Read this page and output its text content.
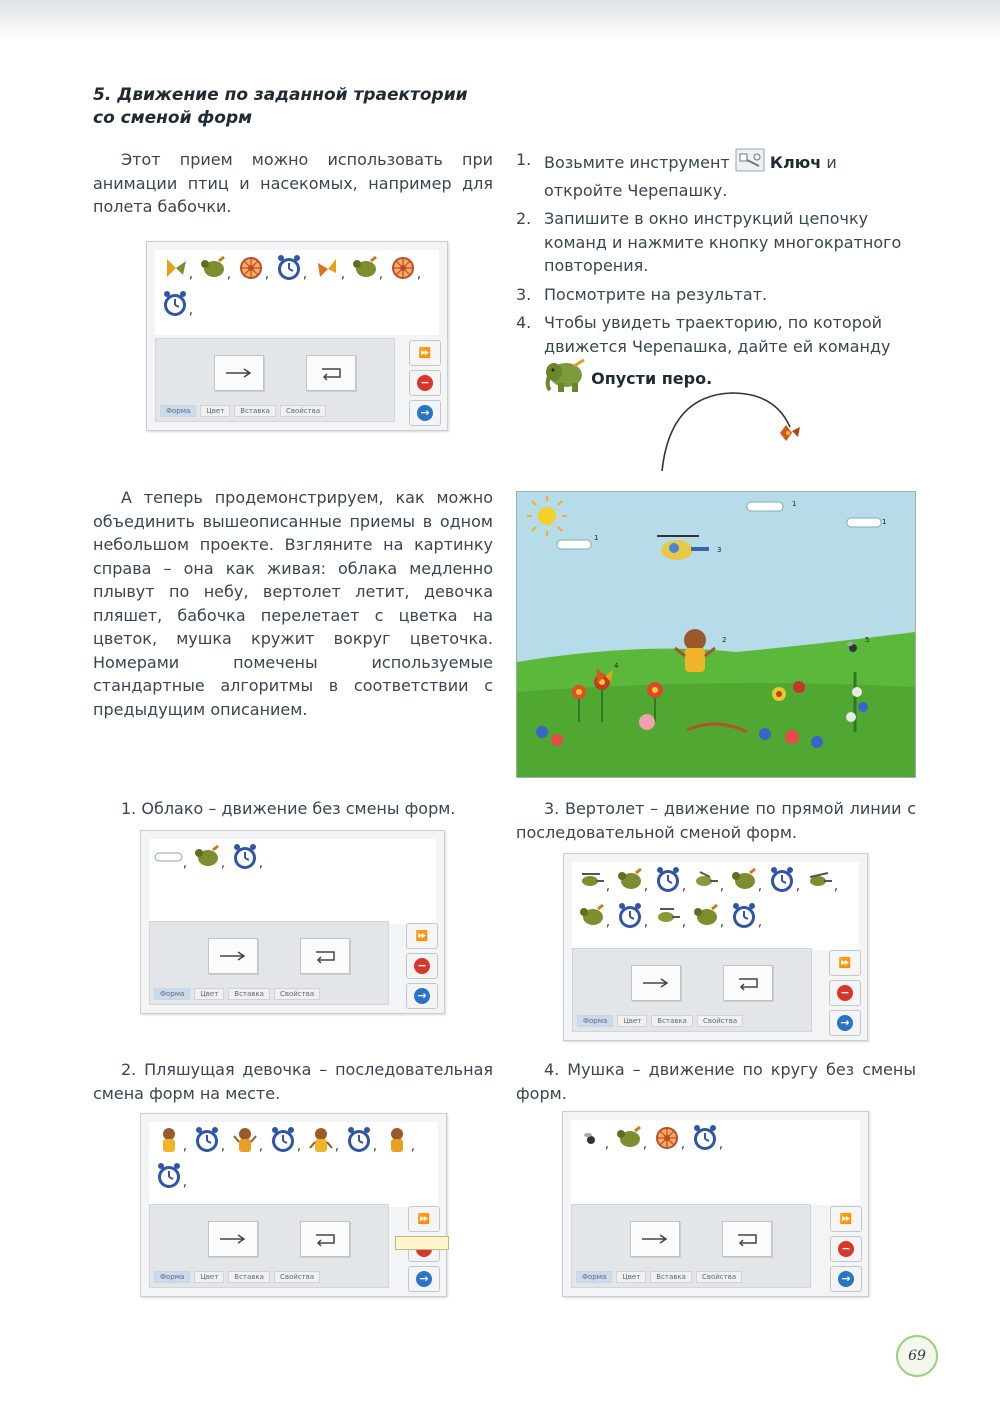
5. Движение по заданной траектории со сменой форм
Этот прием можно использовать при анимации птиц и насекомых, например для полета бабочки.
1. Возьмите инструмент	Ключ и откройте Черепашку.
2. Запишите в окно инструкций цепочку команд и нажмите кнопку многократного повторения.
3. Посмотрите на результат.
4. Чтобы увидеть траекторию, по которой движется Черепашка, дайте ей команду
Опусти перо.
,
,
,
,
,
,
,
,
Форма	Цвет	Вставка	Свойства
⏩
−
→
А теперь продемонстрируем, как можно объединить вышеописанные приемы в одном небольшом проекте. Взгляните на картинку справа – она как живая: облака медленно плывут по небу, вертолет летит, девочка пляшет, бабочка перелетает с цветка на цветок, мушка кружит вокруг цветочка. Номерами помечены используемые стандартные алгоритмы в соответствии с предыдущим описанием.
1
1
1
2
3
4
5
1. Облако – движение без смены форм.
,
,
,
Форма	Цвет	Вставка	Свойства
⏩
−
→
3. Вертолет – движение по прямой линии с последовательной сменой форм.
,
,
,
,
,
,
,
,
,
,
,
,
Форма	Цвет	Вставка	Свойства
⏩
−
→
2. Пляшущая девочка – последовательная смена форм на месте.
,
,
,
,
,
,
,
,
Форма	Цвет	Вставка	Свойства
⏩
→
4. Мушка – движение по кругу без смены форм.
,
,
,
,
Форма	Цвет	Вставка	Свойства
⏩
−
→
69
